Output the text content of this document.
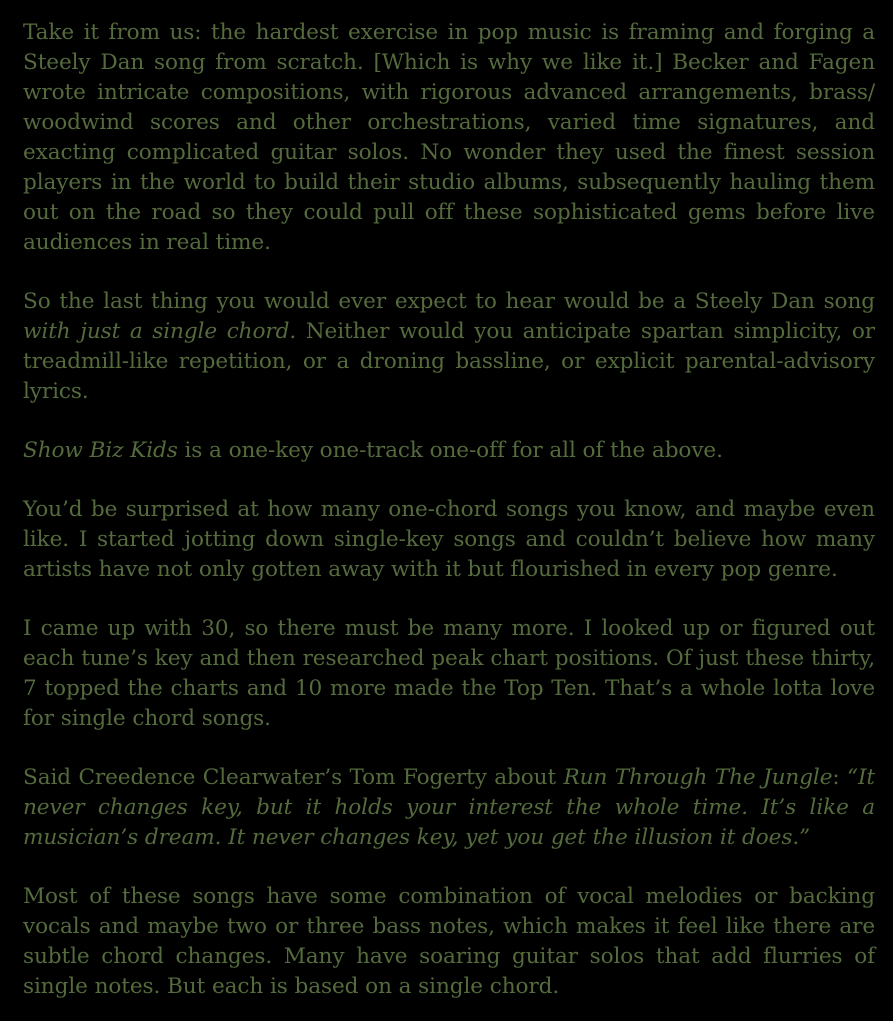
Take it from us: the hardest exercise in pop music is framing and forging a Steely Dan song from scratch. [Which is why we like it.] Becker and Fagen wrote intricate compositions, with rigorous advanced arrangements, brass/ woodwind scores and other orchestrations, varied time signatures, and exacting complicated guitar solos. No wonder they used the finest session players in the world to build their studio albums, subsequently hauling them out on the road so they could pull off these sophisticated gems before live audiences in real time.

So the last thing you would ever expect to hear would be a Steely Dan song with just a single chord. Neither would you anticipate spartan simplicity, or treadmill-like repetition, or a droning bassline, or explicit parental-advisory lyrics.

Show Biz Kids is a one-key one-track one-off for all of the above.

You’d be surprised at how many one-chord songs you know, and maybe even like. I started jotting down single-key songs and couldn’t believe how many artists have not only gotten away with it but flourished in every pop genre.

I came up with 30, so there must be many more. I looked up or figured out each tune’s key and then researched peak chart positions. Of just these thirty, 7 topped the charts and 10 more made the Top Ten. That’s a whole lotta love for single chord songs.

Said Creedence Clearwater’s Tom Fogerty about Run Through The Jungle: “It never changes key, but it holds your interest the whole time. It’s like a musician’s dream. It never changes key, yet you get the illusion it does.”

Most of these songs have some combination of vocal melodies or backing vocals and maybe two or three bass notes, which makes it feel like there are subtle chord changes. Many have soaring guitar solos that add flurries of single notes. But each is based on a single chord.
